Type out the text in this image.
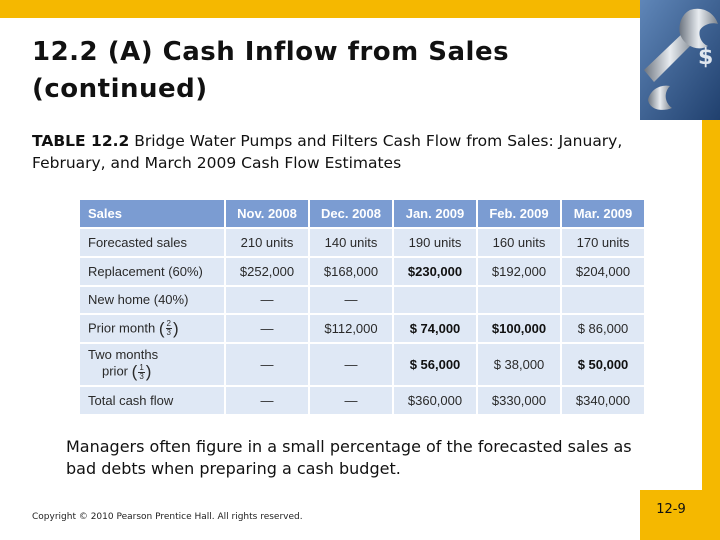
$
12.2 (A) Cash Inflow from Sales
(continued)
TABLE 12.2 Bridge Water Pumps and Filters Cash Flow from Sales: January, February, and March 2009 Cash Flow Estimates
Sales	Nov. 2008	Dec. 2008	Jan. 2009	Feb. 2009	Mar. 2009
Forecasted sales	210 units	140 units	190 units	160 units	170 units
Replacement (60%)	$252,000	$168,000	$230,000	$192,000	$204,000
New home (40%)	—	—			
Prior month ( $\frac{2}{3}$ )	—	$112,000	$ 74,000	$100,000	$ 86,000

Two months
prior ( $\frac{1}{3}$ )	—	—	$ 56,000	$ 38,000	$ 50,000
Total cash flow	—	—	$360,000	$330,000	$340,000
Managers often figure in a small percentage of the forecasted sales as bad debts when preparing a cash budget.
Copyright © 2010 Pearson Prentice Hall. All rights reserved.	12-9
